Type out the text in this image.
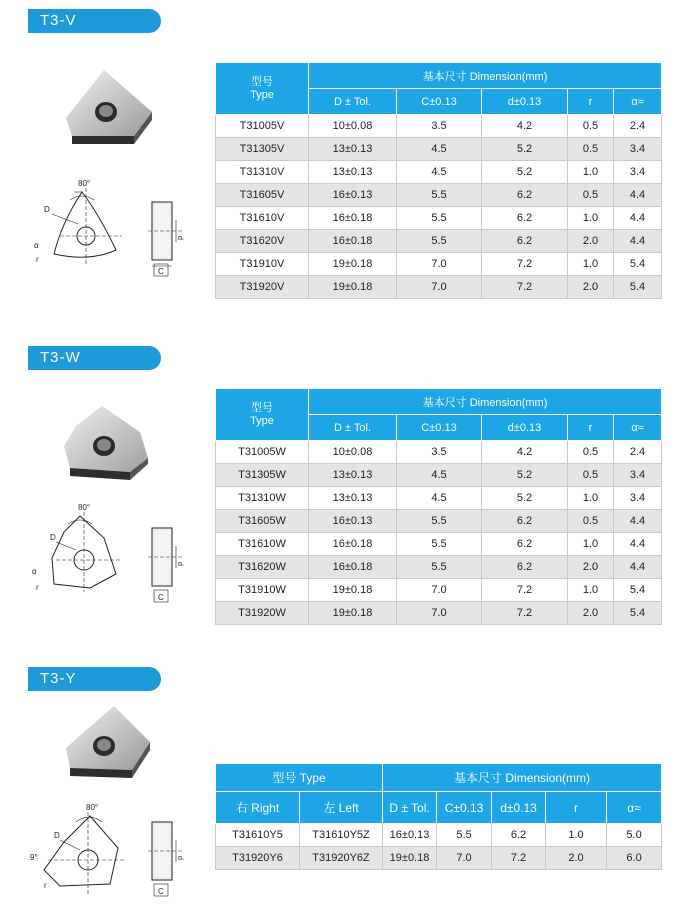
T3-V
80°
D
α
r
d
C
型号
Type	基本尺寸 Dimension(mm)				
	D ± Tol.	C±0.13	d±0.13	r	α≈
T31005V	10±0.08	3.5	4.2	0.5	2.4
T31305V	13±0.13	4.5	5.2	0.5	3.4
T31310V	13±0.13	4.5	5.2	1.0	3.4
T31605V	16±0.13	5.5	6.2	0.5	4.4
T31610V	16±0.18	5.5	6.2	1.0	4.4
T31620V	16±0.18	5.5	6.2	2.0	4.4
T31910V	19±0.18	7.0	7.2	1.0	5.4
T31920V	19±0.18	7.0	7.2	2.0	5.4
T3-W
80°
D
α
r
d
C
型号
Type	基本尺寸 Dimension(mm)				
	D ± Tol.	C±0.13	d±0.13	r	α≈
T31005W	10±0.08	3.5	4.2	0.5	2.4
T31305W	13±0.13	4.5	5.2	0.5	3.4
T31310W	13±0.13	4.5	5.2	1.0	3.4
T31605W	16±0.13	5.5	6.2	0.5	4.4
T31610W	16±0.18	5.5	6.2	1.0	4.4
T31620W	16±0.18	5.5	6.2	2.0	4.4
T31910W	19±0.18	7.0	7.2	1.0	5.4
T31920W	19±0.18	7.0	7.2	2.0	5.4
T3-Y
80°
D
9°
r
d
C
型号 Type		基本尺寸 Dimension(mm)				
右 Right	左 Left	D ± Tol.	C±0.13	d±0.13	r	α≈
T31610Y5	T31610Y5Z	16±0.13	5.5	6.2	1.0	5.0
T31920Y6	T31920Y6Z	19±0.18	7.0	7.2	2.0	6.0
